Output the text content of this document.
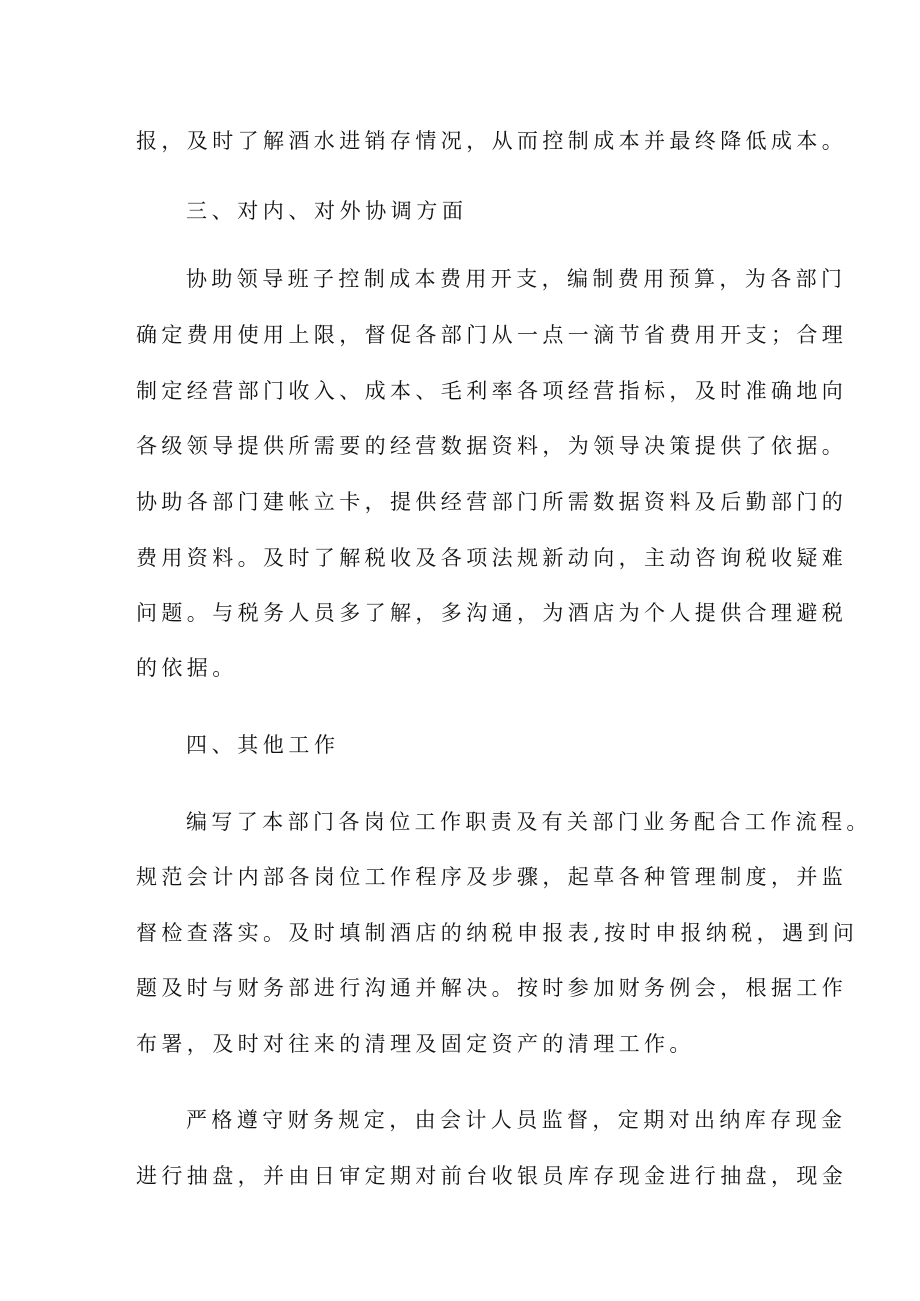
报，及时了解酒水进销存情况，从而控制成本并最终降低成本。
三、对内、对外协调方面
协助领导班子控制成本费用开支，编制费用预算，为各部门
确定费用使用上限，督促各部门从一点一滴节省费用开支；合理
制定经营部门收入、成本、毛利率各项经营指标，及时准确地向
各级领导提供所需要的经营数据资料，为领导决策提供了依据。
协助各部门建帐立卡，提供经营部门所需数据资料及后勤部门的
费用资料。及时了解税收及各项法规新动向，主动咨询税收疑难
问题。与税务人员多了解，多沟通，为酒店为个人提供合理避税
的依据。
四、其他工作
编写了本部门各岗位工作职责及有关部门业务配合工作流程。
规范会计内部各岗位工作程序及步骤，起草各种管理制度，并监
督检查落实。及时填制酒店的纳税申报表,按时申报纳税，遇到问
题及时与财务部进行沟通并解决。按时参加财务例会，根据工作
布署，及时对往来的清理及固定资产的清理工作。
严格遵守财务规定，由会计人员监督，定期对出纳库存现金
进行抽盘，并由日审定期对前台收银员库存现金进行抽盘，现金
